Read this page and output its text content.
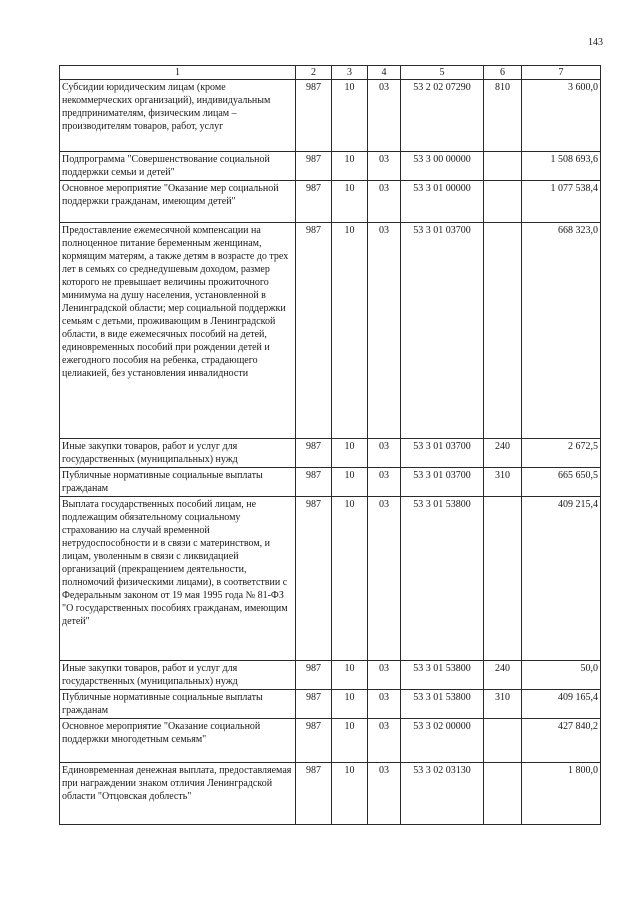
143
1	2	3	4	5	6	7
Субсидии юридическим лицам (кроме некоммерческих организаций), индивидуальным предпринимателям, физическим лицам – производителям товаров, работ, услуг	987	10	03	53 2 02 07290	810	3 600,0
Подпрограмма "Совершенствование социальной поддержки семьи и детей"	987	10	03	53 3 00 00000		1 508 693,6
Основное мероприятие "Оказание мер социальной поддержки гражданам, имеющим детей"	987	10	03	53 3 01 00000		1 077 538,4
Предоставление ежемесячной компенсации на полноценное питание беременным женщинам, кормящим матерям, а также детям в возрасте до трех лет в семьях со среднедушевым доходом, размер которого не превышает величины прожиточного минимума на душу населения, установленной в Ленинградской области; мер социальной поддержки семьям с детьми, проживающим в Ленинградской области, в виде ежемесячных пособий на детей, единовременных пособий при рождении детей и ежегодного пособия на ребенка, страдающего целиакией, без установления инвалидности	987	10	03	53 3 01 03700		668 323,0
Иные закупки товаров, работ и услуг для государственных (муниципальных) нужд	987	10	03	53 3 01 03700	240	2 672,5
Публичные нормативные социальные выплаты гражданам	987	10	03	53 3 01 03700	310	665 650,5
Выплата государственных пособий лицам, не подлежащим обязательному социальному страхованию на случай временной нетрудоспособности и в связи с материнством, и лицам, уволенным в связи с ликвидацией организаций (прекращением деятельности, полномочий физическими лицами), в соответствии с Федеральным законом от 19 мая 1995 года № 81-ФЗ "О государственных пособиях гражданам, имеющим детей"	987	10	03	53 3 01 53800		409 215,4
Иные закупки товаров, работ и услуг для государственных (муниципальных) нужд	987	10	03	53 3 01 53800	240	50,0
Публичные нормативные социальные выплаты гражданам	987	10	03	53 3 01 53800	310	409 165,4
Основное мероприятие "Оказание социальной поддержки многодетным семьям"	987	10	03	53 3 02 00000		427 840,2
Единовременная денежная выплата, предоставляемая при награждении знаком отличия Ленинградской области "Отцовская доблесть"	987	10	03	53 3 02 03130		1 800,0
